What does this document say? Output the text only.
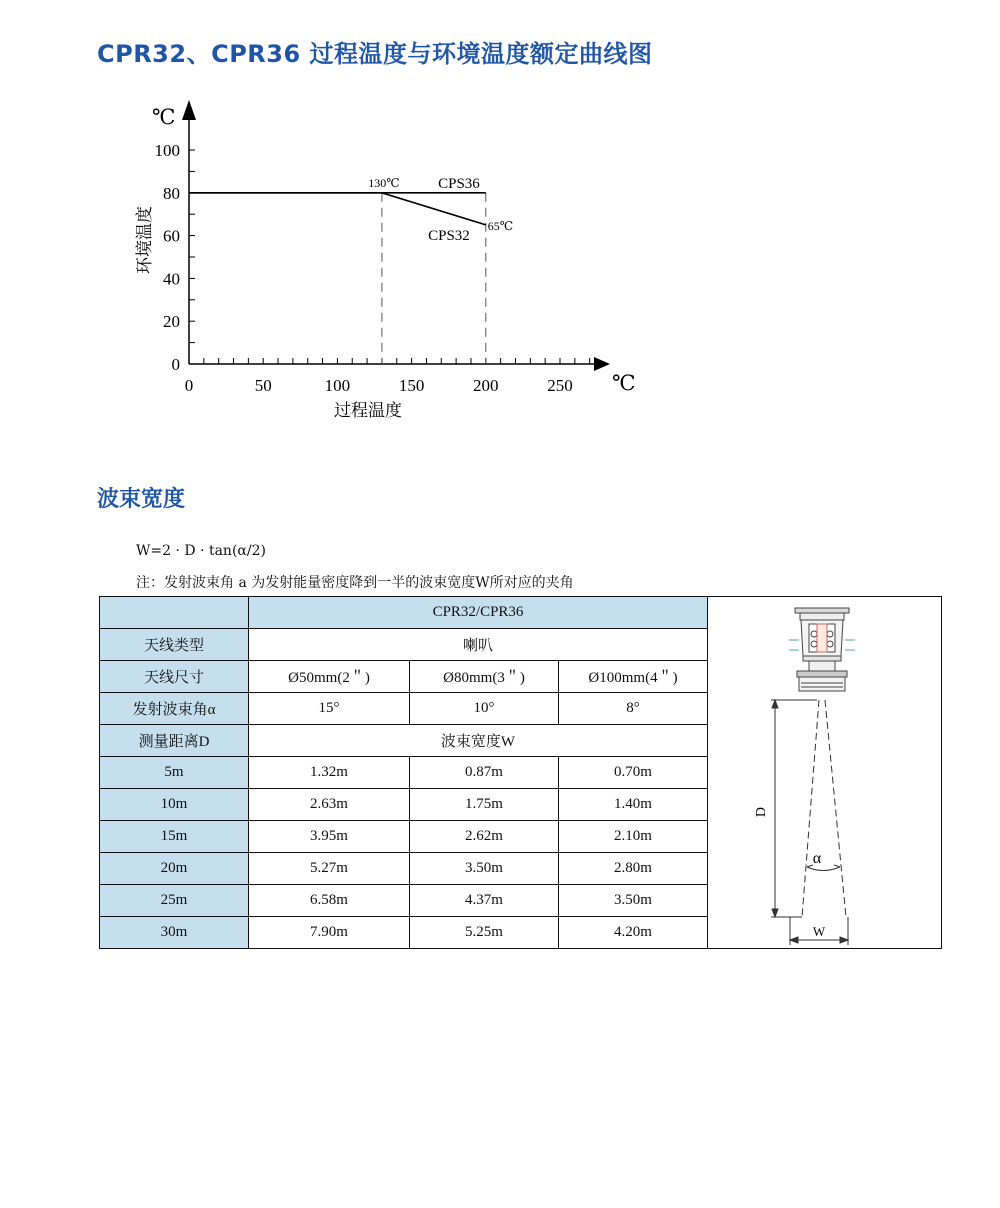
CPR32、CPR36 过程温度与环境温度额定曲线图
0	50	100	150	200	250
0
20
40
60
80
100
℃
℃
过程温度
环境温度
CPS36
CPS32
130℃
65℃
波束宽度
W=2 · D · tan(α/2)
注：发射波束角 a 为发射能量密度降到一半的波束宽度W所对应的夹角
	CPR32/CPR36			D
α
W

天线类型	喇叭			
天线尺寸	Ø50mm(2＂)	Ø80mm(3＂)	Ø100mm(4＂)	
发射波束角α	15°	10°	8°	
测量距离D	波束宽度W			
5m	1.32m	0.87m	0.70m	
10m	2.63m	1.75m	1.40m	
15m	3.95m	2.62m	2.10m	
20m	5.27m	3.50m	2.80m	
25m	6.58m	4.37m	3.50m	
30m	7.90m	5.25m	4.20m	
